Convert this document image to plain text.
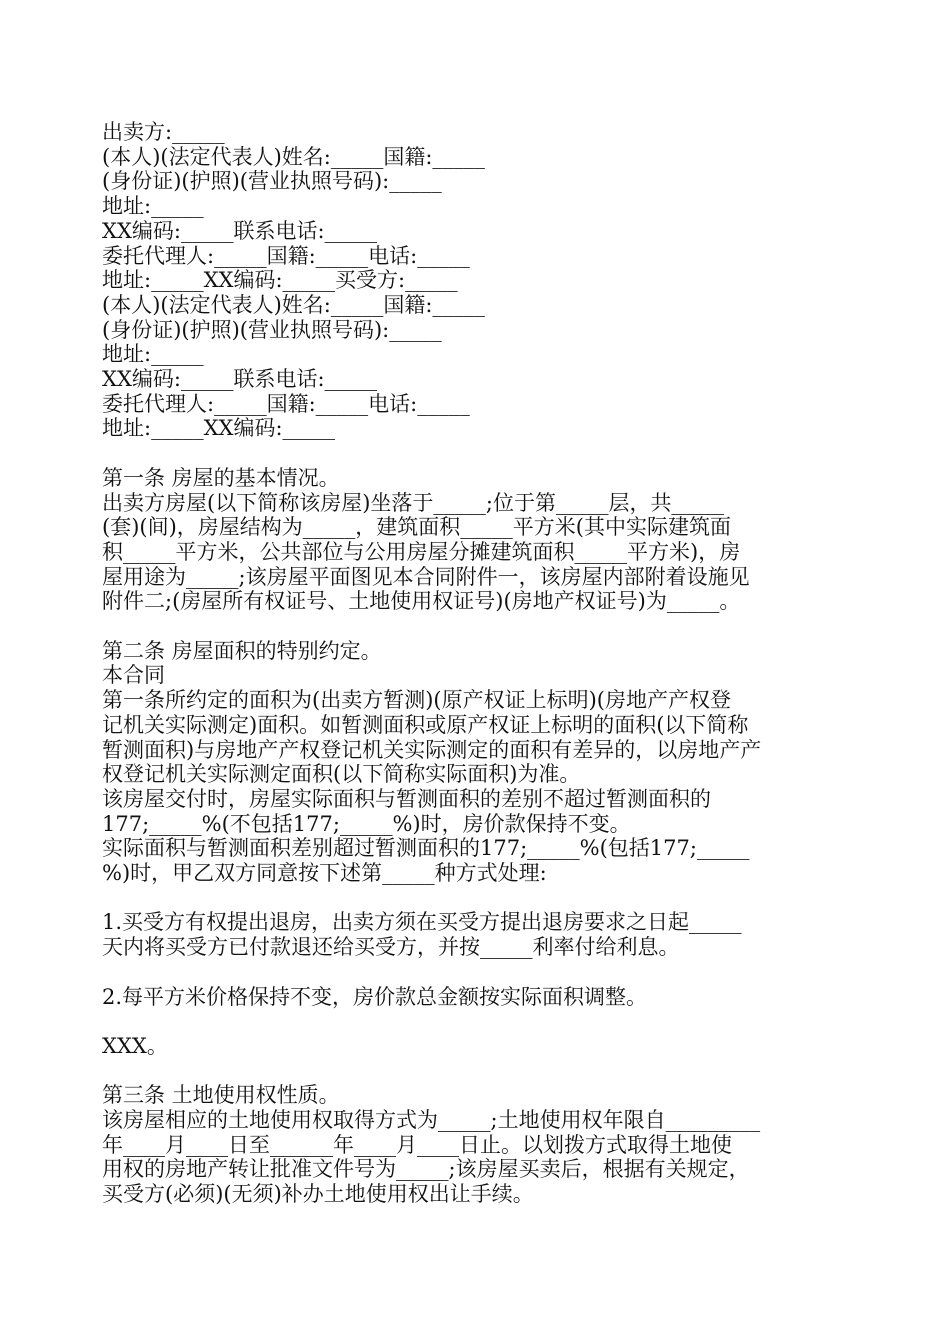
出卖方:_____
(本人)(法定代表人)姓名:_____国籍:_____
(身份证)(护照)(营业执照号码):_____
地址:_____
XX编码:_____联系电话:_____
委托代理人:_____国籍:_____电话:_____
地址:_____XX编码:_____买受方:_____
(本人)(法定代表人)姓名:_____国籍:_____
(身份证)(护照)(营业执照号码):_____
地址:_____
XX编码:_____联系电话:_____
委托代理人:_____国籍:_____电话:_____
地址:_____XX编码:_____
第一条 房屋的基本情况。
出卖方房屋(以下简称该房屋)坐落于_____;位于第_____层，共_____
(套)(间)，房屋结构为_____，建筑面积_____平方米(其中实际建筑面
积_____平方米，公共部位与公用房屋分摊建筑面积_____平方米)，房
屋用途为_____;该房屋平面图见本合同附件一，该房屋内部附着设施见
附件二;(房屋所有权证号、土地使用权证号)(房地产权证号)为_____。
第二条 房屋面积的特别约定。
本合同
第一条所约定的面积为(出卖方暂测)(原产权证上标明)(房地产产权登
记机关实际测定)面积。如暂测面积或原产权证上标明的面积(以下简称
暂测面积)与房地产产权登记机关实际测定的面积有差异的，以房地产产
权登记机关实际测定面积(以下简称实际面积)为准。
该房屋交付时，房屋实际面积与暂测面积的差别不超过暂测面积的
177;_____%(不包括177;_____%)时，房价款保持不变。
实际面积与暂测面积差别超过暂测面积的177;_____%(包括177;_____
%)时，甲乙双方同意按下述第_____种方式处理:
1.买受方有权提出退房，出卖方须在买受方提出退房要求之日起_____
天内将买受方已付款退还给买受方，并按_____利率付给利息。
2.每平方米价格保持不变，房价款总金额按实际面积调整。
XXX。
第三条 土地使用权性质。
该房屋相应的土地使用权取得方式为_____;土地使用权年限自_________
年____月____日至______年____月____日止。以划拨方式取得土地使
用权的房地产转让批准文件号为_____;该房屋买卖后，根据有关规定，
买受方(必须)(无须)补办土地使用权出让手续。
